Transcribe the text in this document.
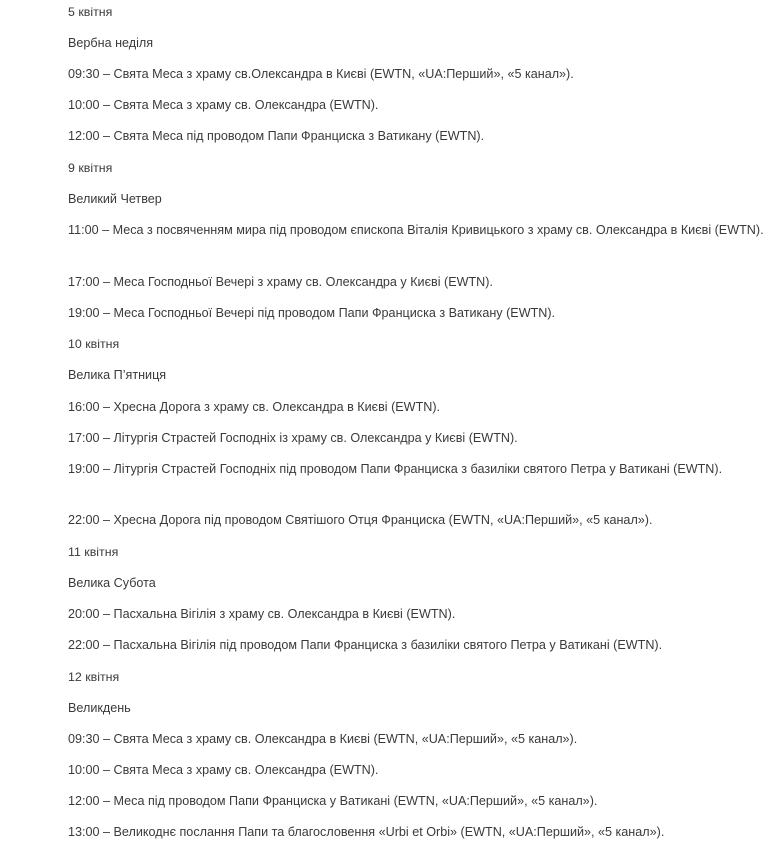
5 квітня
Вербна неділя
09:30 – Свята Меса з храму св.Олександра в Києві (EWTN, «UA:Перший», «5 канал»).
10:00 – Свята Меса з храму св. Олександра (EWTN).
12:00 – Свята Меса під проводом Папи Франциска з Ватикану (EWTN).
9 квітня
Великий Четвер
11:00 – Меса з посвяченням мира під проводом єпископа Віталія Кривицького з храму св. Олександра в Києві (EWTN).
17:00 – Меса Господньої Вечері з храму св. Олександра у Києві (EWTN).
19:00 – Меса Господньої Вечері під проводом Папи Франциска з Ватикану (EWTN).
10 квітня
Велика П’ятниця
16:00 – Хресна Дорога з храму св. Олександра в Києві (EWTN).
17:00 – Літургія Страстей Господніх із храму св. Олександра у Києві (EWTN).
19:00 – Літургія Страстей Господніх під проводом Папи Франциска з базиліки святого Петра у Ватикані (EWTN).
22:00 – Хресна Дорога під проводом Святішого Отця Франциска (EWTN, «UA:Перший», «5 канал»).
11 квітня
Велика Субота
20:00 – Пасхальна Вігілія з храму св. Олександра в Києві (EWTN).
22:00 – Пасхальна Вігілія під проводом Папи Франциска з базиліки святого Петра у Ватикані (EWTN).
12 квітня
Великдень
09:30 – Свята Меса з храму св. Олександра в Києві (EWTN, «UA:Перший», «5 канал»).
10:00 – Свята Меса з храму св. Олександра (EWTN).
12:00 – Меса під проводом Папи Франциска у Ватикані (EWTN, «UA:Перший», «5 канал»).
13:00 – Великоднє послання Папи та благословення «Urbi et Orbi» (EWTN, «UA:Перший», «5 канал»).
